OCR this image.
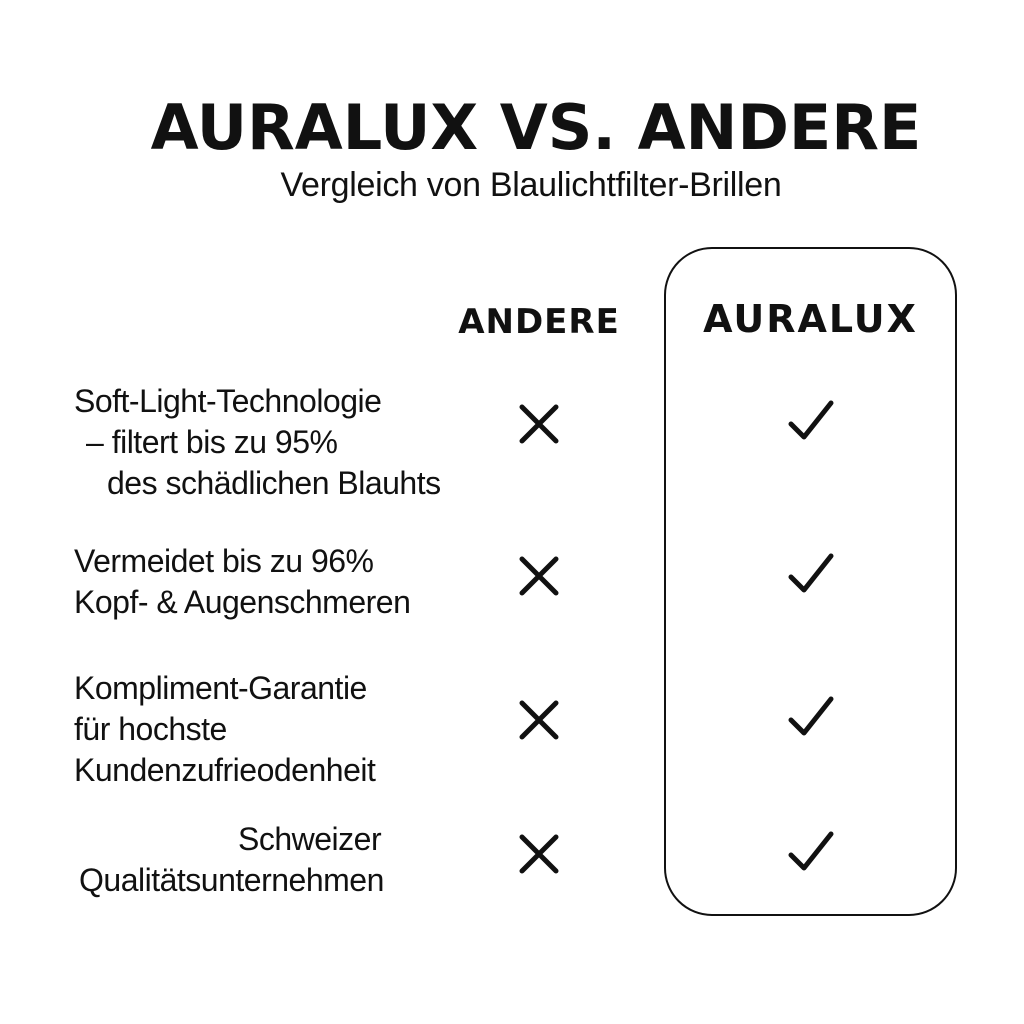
AURALUX VS. ANDERE
Vergleich von Blaulichtfilter-Brillen
ANDERE	AURALUX
Soft-Light-Technologie
– filtert bis zu 95%
des schädlichen Blauhts
Vermeidet bis zu 96%
Kopf- & Augenschmeren
Kompliment-Garantie
für hochste
Kundenzufrieodenheit
Schweizer
Qualitätsunternehmen
